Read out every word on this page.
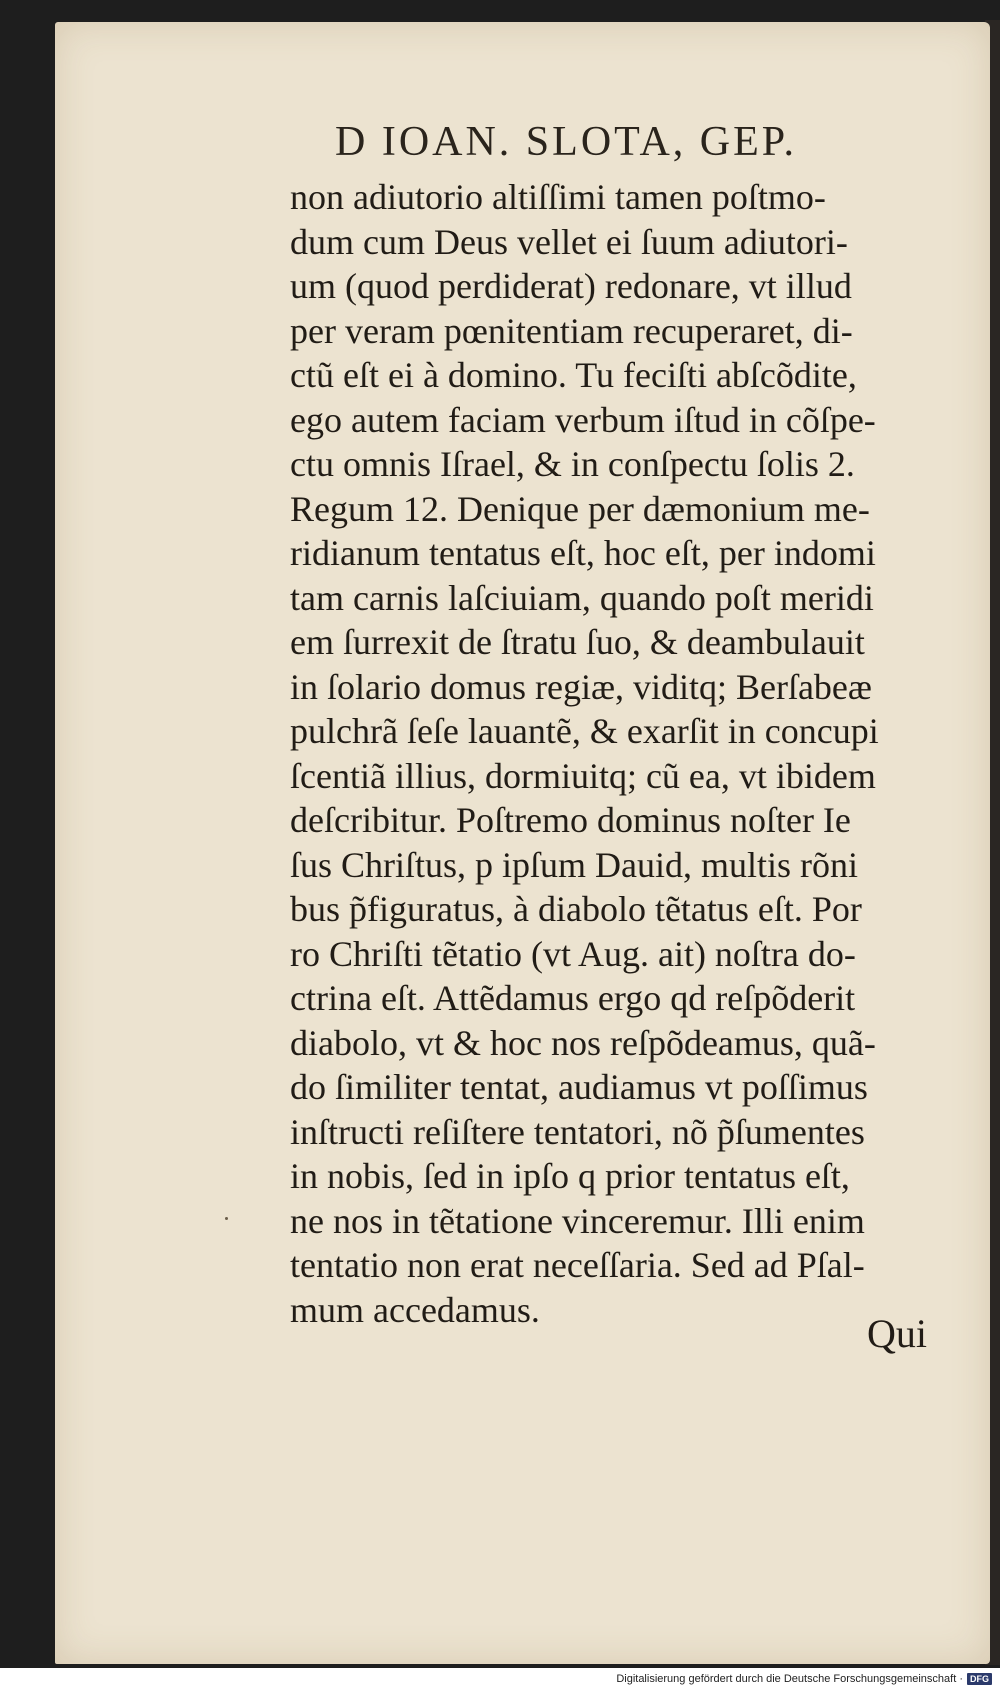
D IOAN. SLOTA, GEP.
non adiutorio altiſſimi tamen poſtmo-
dum cum Deus vellet ei ſuum adiutori-
um (quod perdiderat) redonare, vt illud
per veram pœnitentiam recuperaret, di-
ctũ eſt ei à domino. Tu feciſti abſcõdite,
ego autem faciam verbum iſtud in cõſpe-
ctu omnis Iſrael, & in conſpectu ſolis 2.
Regum 12. Denique per dæmonium me-
ridianum tentatus eſt, hoc eſt, per indomi
tam carnis laſciuiam, quando poſt meridi
em ſurrexit de ſtratu ſuo, & deambulauit
in ſolario domus regiæ, viditq; Berſabeæ
pulchrã ſeſe lauantẽ, & exarſit in concupi
ſcentiã illius, dormiuitq; cũ ea, vt ibidem
deſcribitur. Poſtremo dominus noſter Ie
ſus Chriſtus, p ipſum Dauid, multis rõni
bus p̃figuratus, à diabolo tẽtatus eſt. Por
ro Chriſti tẽtatio (vt Aug. ait) noſtra do-
ctrina eſt. Attẽdamus ergo qd reſpõderit
diabolo, vt & hoc nos reſpõdeamus, quã-
do ſimiliter tentat, audiamus vt poſſimus
inſtructi reſiſtere tentatori, nõ p̃ſumentes
in nobis, ſed in ipſo q prior tentatus eſt,
ne nos in tẽtatione vinceremur. Illi enim
tentatio non erat neceſſaria. Sed ad Pſal-
mum accedamus.
Qui
Digitalisierung gefördert durch die Deutsche Forschungsgemeinschaft · DFG
